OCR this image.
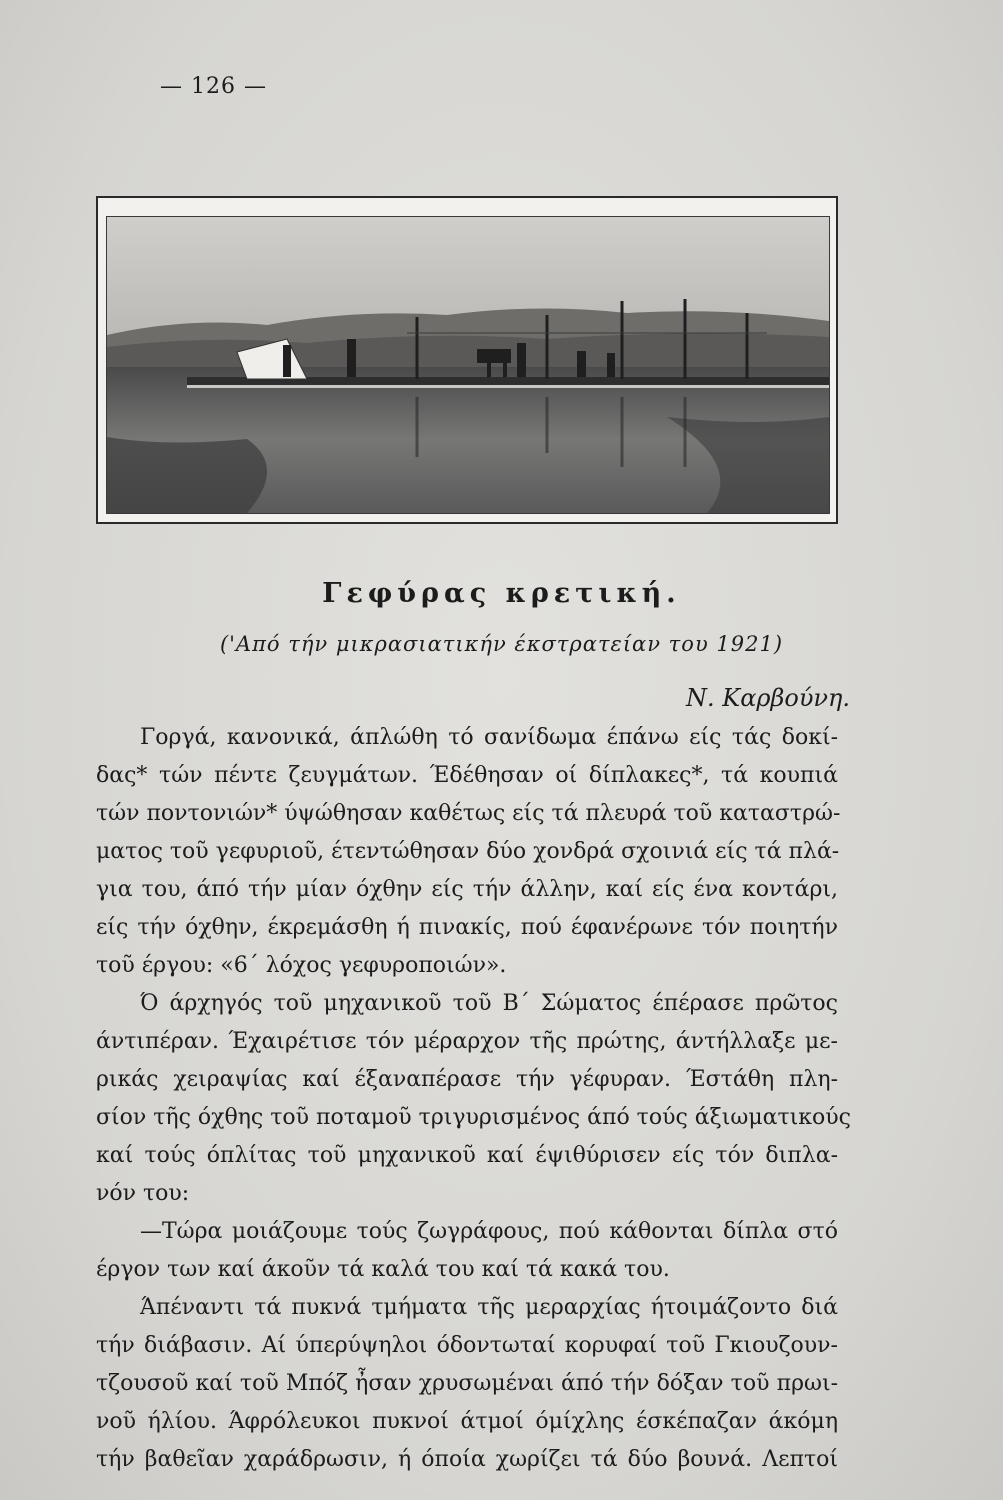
— 126 —
Γεφύρας κρετική.
('Από τήν μικρασιατικήν έκστρατείαν του 1921)
Ν. Καρβούνη.
Γοργά, κανονικά, άπλώθη τό σανίδωμα έπάνω είς τάς δοκί-
δας* τών πέντε ζευγμάτων. Έδέθησαν οί δίπλακες*, τά κουπιά
τών ποντονιών* ύψώθησαν καθέτως είς τά πλευρά τοῦ καταστρώ-
ματος τοῦ γεφυριοῦ, έτεντώθησαν δύο χονδρά σχοινιά είς τά πλά-
για του, άπό τήν μίαν όχθην είς τήν άλλην, καί είς ένα κοντάρι,
είς τήν όχθην, έκρεμάσθη ή πινακίς, πού έφανέρωνε τόν ποιητήν
τοῦ έργου: «6΄ λόχος γεφυροποιών».
Ό άρχηγός τοῦ μηχανικοῦ τοῦ Β΄ Σώματος έπέρασε πρῶτος
άντιπέραν. Έχαιρέτισε τόν μέραρχον τῆς πρώτης, άντήλλαξε με-
ρικάς χειραψίας καί έξαναπέρασε τήν γέφυραν. Έστάθη πλη-
σίον τῆς όχθης τοῦ ποταμοῦ τριγυρισμένος άπό τούς άξιωματικούς
καί τούς όπλίτας τοῦ μηχανικοῦ καί έψιθύρισεν είς τόν διπλα-
νόν του:
—Τώρα μοιάζουμε τούς ζωγράφους, πού κάθονται δίπλα στό
έργον των καί άκοῦν τά καλά του καί τά κακά του.
Άπέναντι τά πυκνά τμήματα τῆς μεραρχίας ήτοιμάζοντο διά
τήν διάβασιν. Αί ύπερύψηλοι όδοντωταί κορυφαί τοῦ Γκιουζουν-
τζουσοῦ καί τοῦ Μπόζ ἦσαν χρυσωμέναι άπό τήν δόξαν τοῦ πρωι-
νοῦ ήλίου. Άφρόλευκοι πυκνοί άτμοί όμίχλης έσκέπαζαν άκόμη
τήν βαθεῖαν χαράδρωσιν, ή όποία χωρίζει τά δύο βουνά. Λεπτοί
